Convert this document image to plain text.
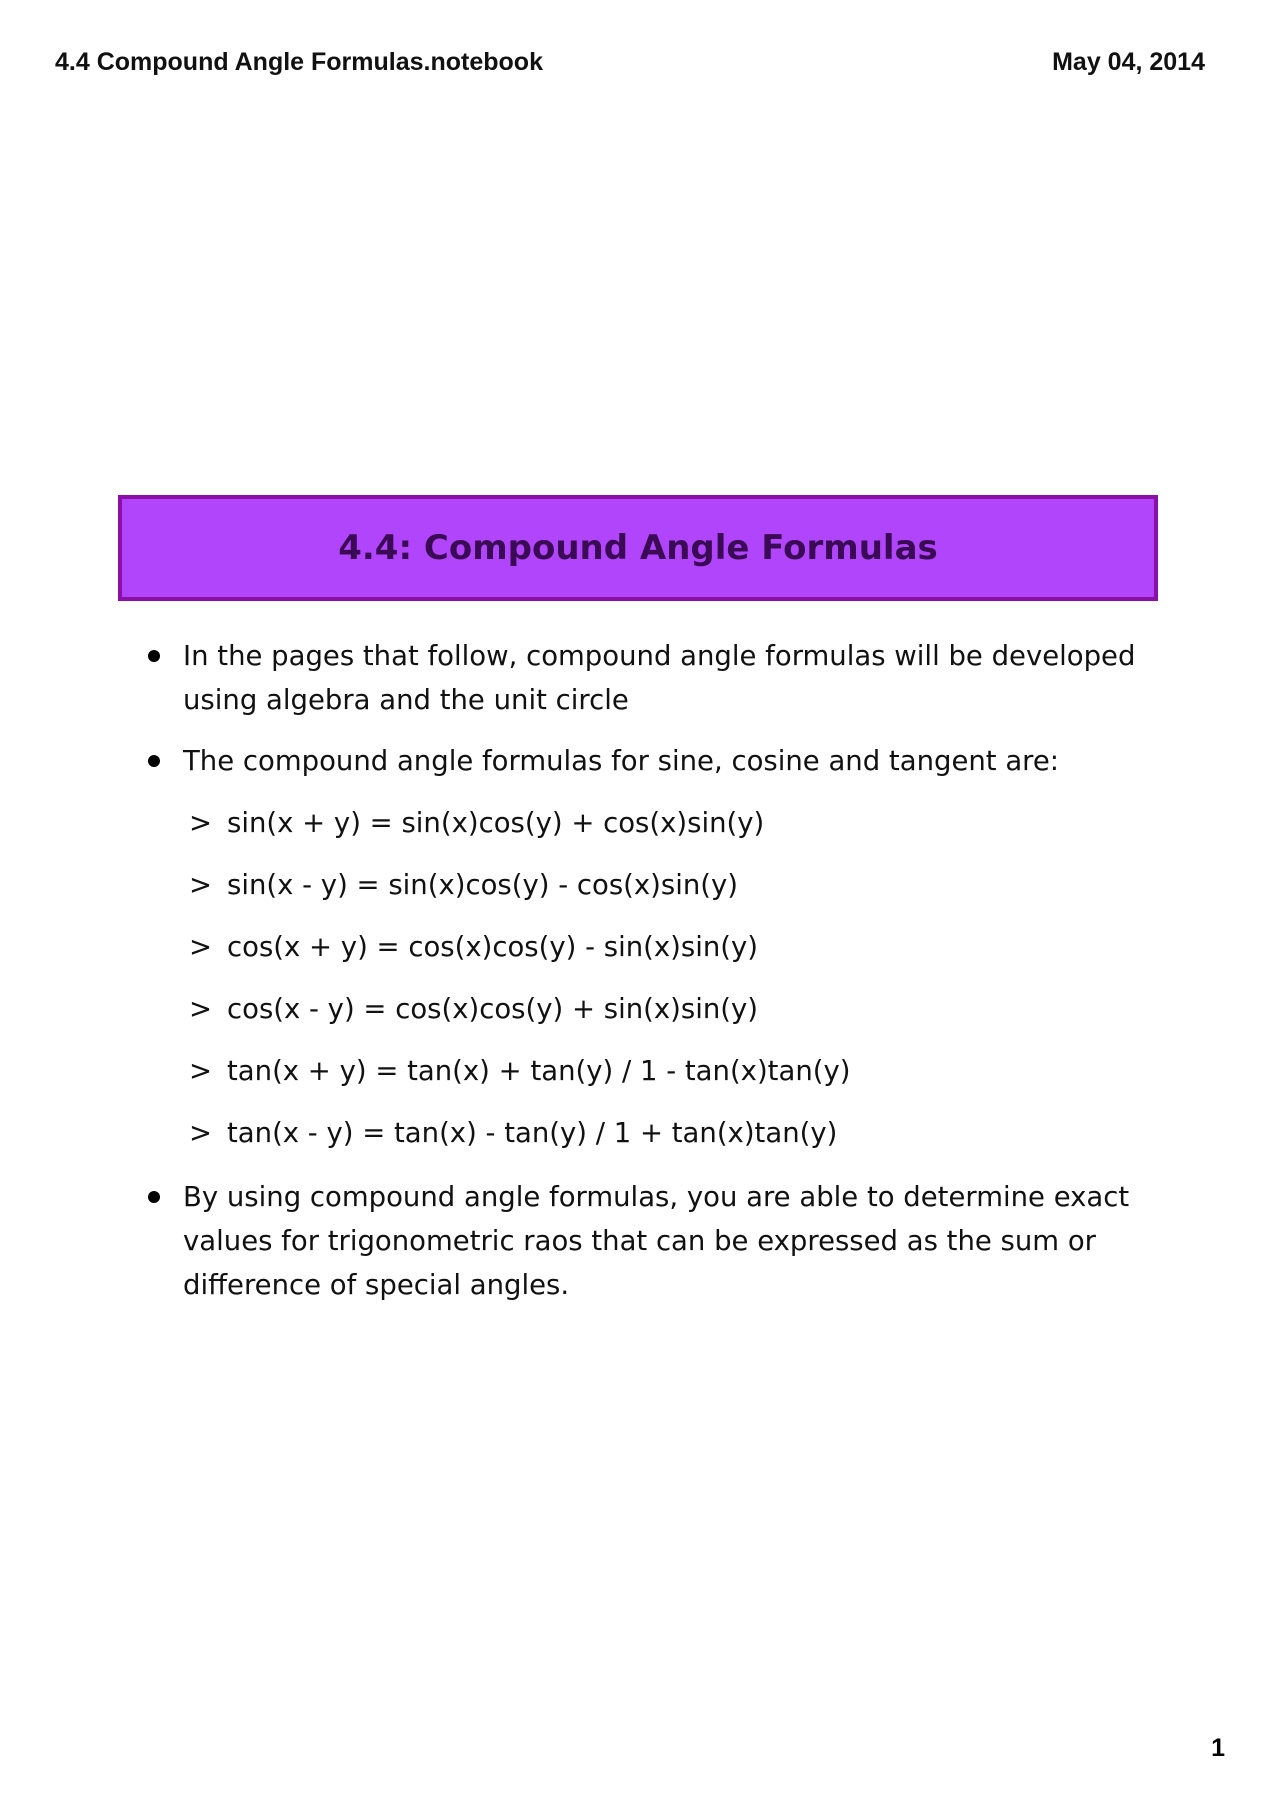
4.4 Compound Angle Formulas.notebook	May 04, 2014
4.4: Compound Angle Formulas
In the pages that follow, compound angle formulas will be developed using algebra and the unit circle
The compound angle formulas for sine, cosine and tangent are:
> sin(x + y) = sin(x)cos(y) + cos(x)sin(y)
> sin(x - y) = sin(x)cos(y) - cos(x)sin(y)
> cos(x + y) = cos(x)cos(y) - sin(x)sin(y)
> cos(x - y) = cos(x)cos(y) + sin(x)sin(y)
> tan(x + y) = tan(x) + tan(y) / 1 - tan(x)tan(y)
> tan(x - y) = tan(x) - tan(y) / 1 + tan(x)tan(y)
By using compound angle formulas, you are able to determine exact values for trigonometric raos that can be expressed as the sum or difference of special angles.
1
